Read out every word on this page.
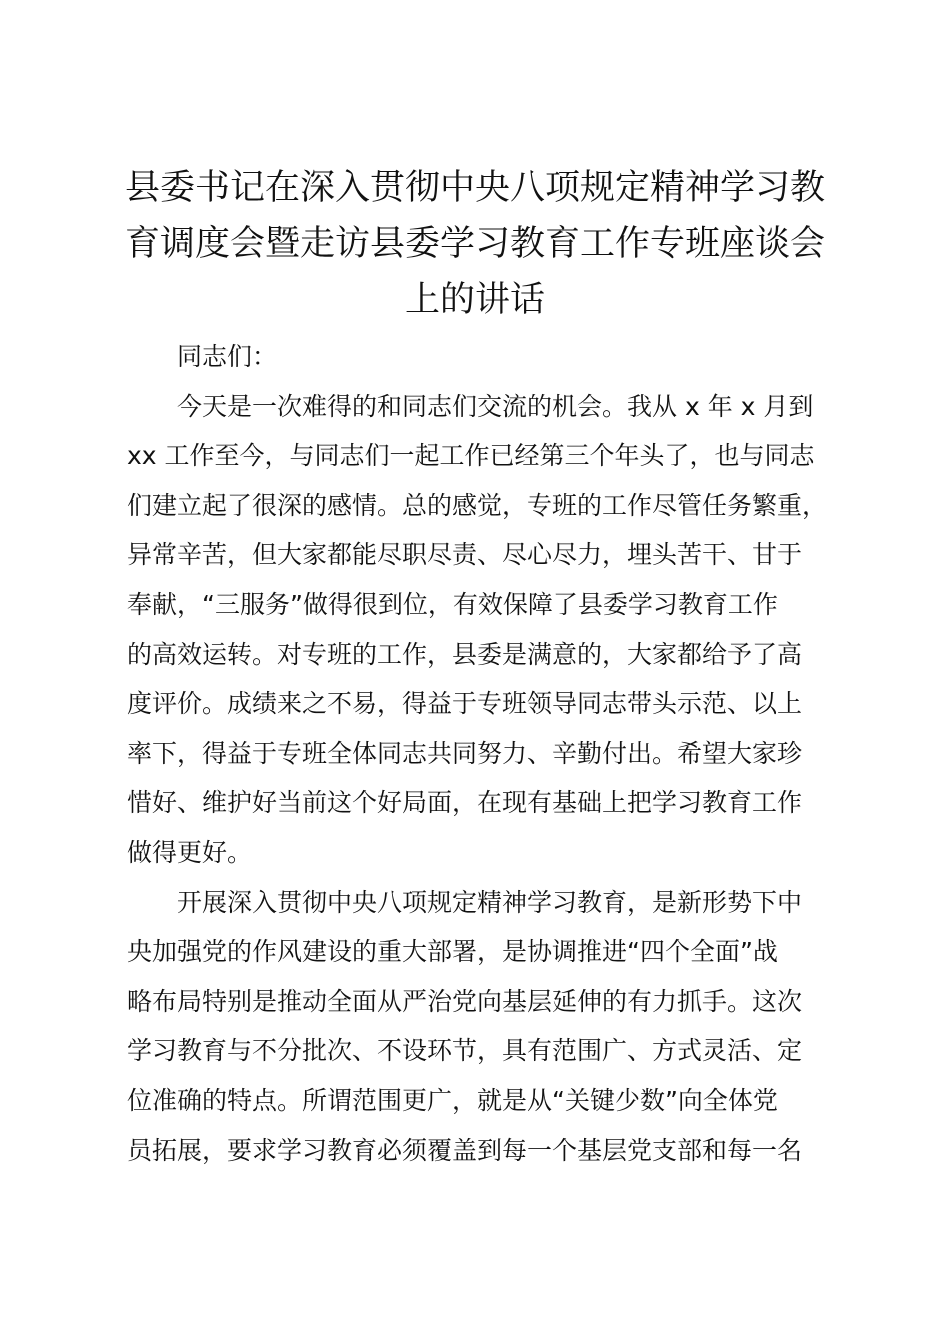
县委书记在深入贯彻中央八项规定精神学习教
育调度会暨走访县委学习教育工作专班座谈会
上的讲话

同志们：

今天是一次难得的和同志们交流的机会。我从 x 年 x 月到
xx 工作至今，与同志们一起工作已经第三个年头了，也与同志
们建立起了很深的感情。总的感觉，专班的工作尽管任务繁重，
异常辛苦，但大家都能尽职尽责、尽心尽力，埋头苦干、甘于
奉献，“三服务”做得很到位，有效保障了县委学习教育工作
的高效运转。对专班的工作，县委是满意的，大家都给予了高
度评价。成绩来之不易，得益于专班领导同志带头示范、以上
率下，得益于专班全体同志共同努力、辛勤付出。希望大家珍
惜好、维护好当前这个好局面，在现有基础上把学习教育工作
做得更好。

开展深入贯彻中央八项规定精神学习教育，是新形势下中
央加强党的作风建设的重大部署，是协调推进“四个全面”战
略布局特别是推动全面从严治党向基层延伸的有力抓手。这次
学习教育与不分批次、不设环节，具有范围广、方式灵活、定
位准确的特点。所谓范围更广，就是从“关键少数”向全体党
员拓展，要求学习教育必须覆盖到每一个基层党支部和每一名
